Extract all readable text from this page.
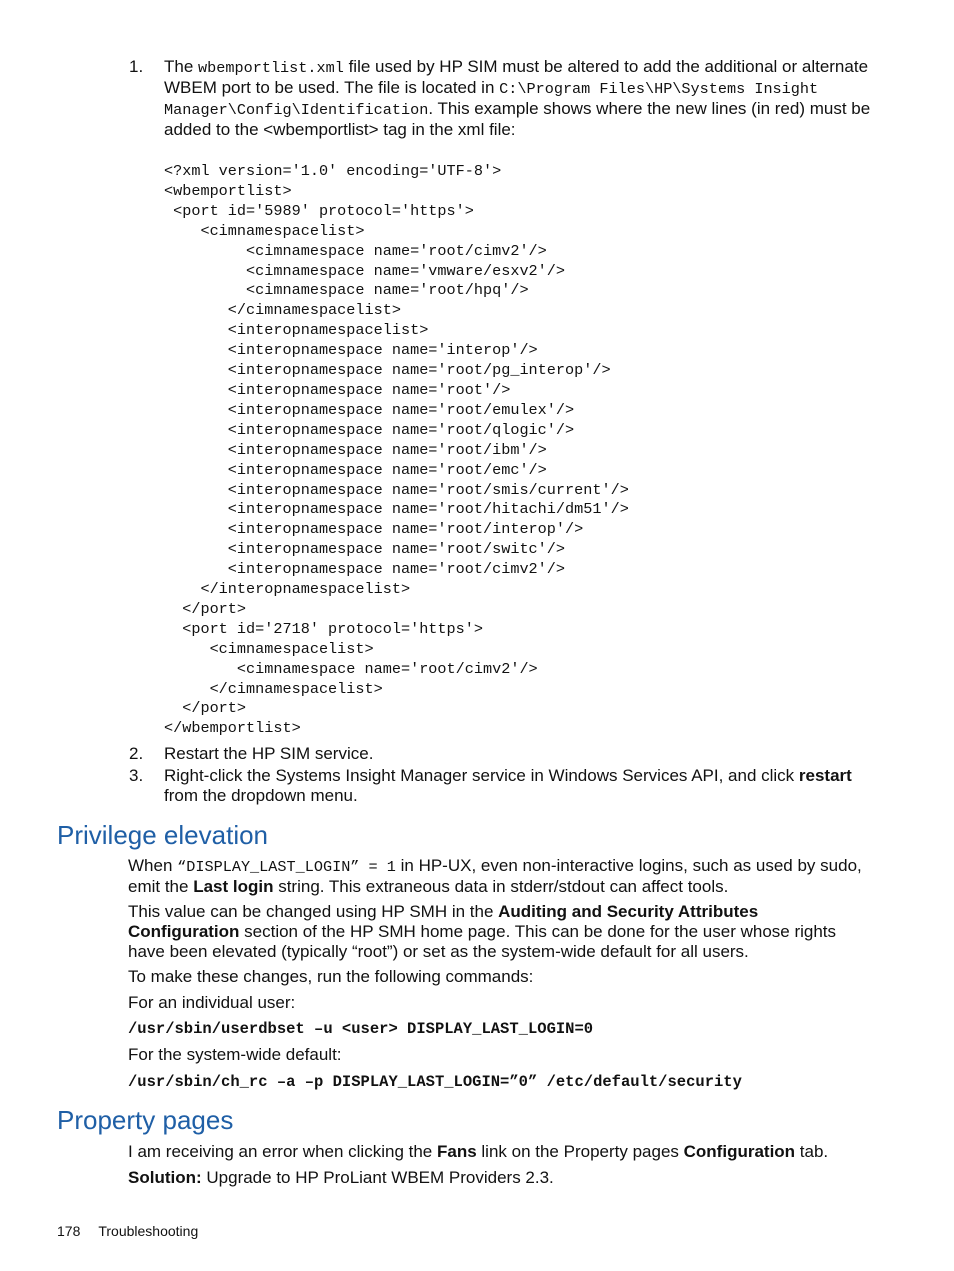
1. The wbemportlist.xml file used by HP SIM must be altered to add the additional or alternate WBEM port to be used. The file is located in C:\Program Files\HP\Systems Insight Manager\Config\Identification. This example shows where the new lines (in red) must be added to the <wbemportlist> tag in the xml file:
<?xml version='1.0' encoding='UTF-8'>
<wbemportlist>
<port id='5989' protocol='https'>
<cimnamespacelist>
<cimnamespace name='root/cimv2'/>
<cimnamespace name='vmware/esxv2'/>
<cimnamespace name='root/hpq'/>
</cimnamespacelist>
<interopnamespacelist>
<interopnamespace name='interop'/>
<interopnamespace name='root/pg_interop'/>
<interopnamespace name='root'/>
<interopnamespace name='root/emulex'/>
<interopnamespace name='root/qlogic'/>
<interopnamespace name='root/ibm'/>
<interopnamespace name='root/emc'/>
<interopnamespace name='root/smis/current'/>
<interopnamespace name='root/hitachi/dm51'/>
<interopnamespace name='root/interop'/>
<interopnamespace name='root/switc'/>
<interopnamespace name='root/cimv2'/>
</interopnamespacelist>
</port>
<port id='2718' protocol='https'>
<cimnamespacelist>
<cimnamespace name='root/cimv2'/>
</cimnamespacelist>
</port>
</wbemportlist>
2. Restart the HP SIM service.
3. Right-click the Systems Insight Manager service in Windows Services API, and click restart from the dropdown menu.
Privilege elevation

When “DISPLAY_LAST_LOGIN” = 1 in HP-UX, even non-interactive logins, such as used by sudo, emit the Last login string. This extraneous data in stderr/stdout can affect tools.

This value can be changed using HP SMH in the Auditing and Security Attributes Configuration section of the HP SMH home page. This can be done for the user whose rights have been elevated (typically “root”) or set as the system-wide default for all users.

To make these changes, run the following commands:

For an individual user:

/usr/sbin/userdbset –u <user> DISPLAY_LAST_LOGIN=0

For the system-wide default:

/usr/sbin/ch_rc –a –p DISPLAY_LAST_LOGIN=”0” /etc/default/security
Property pages

I am receiving an error when clicking the Fans link on the Property pages Configuration tab.

Solution: Upgrade to HP ProLiant WBEM Providers 2.3.

178 Troubleshooting
